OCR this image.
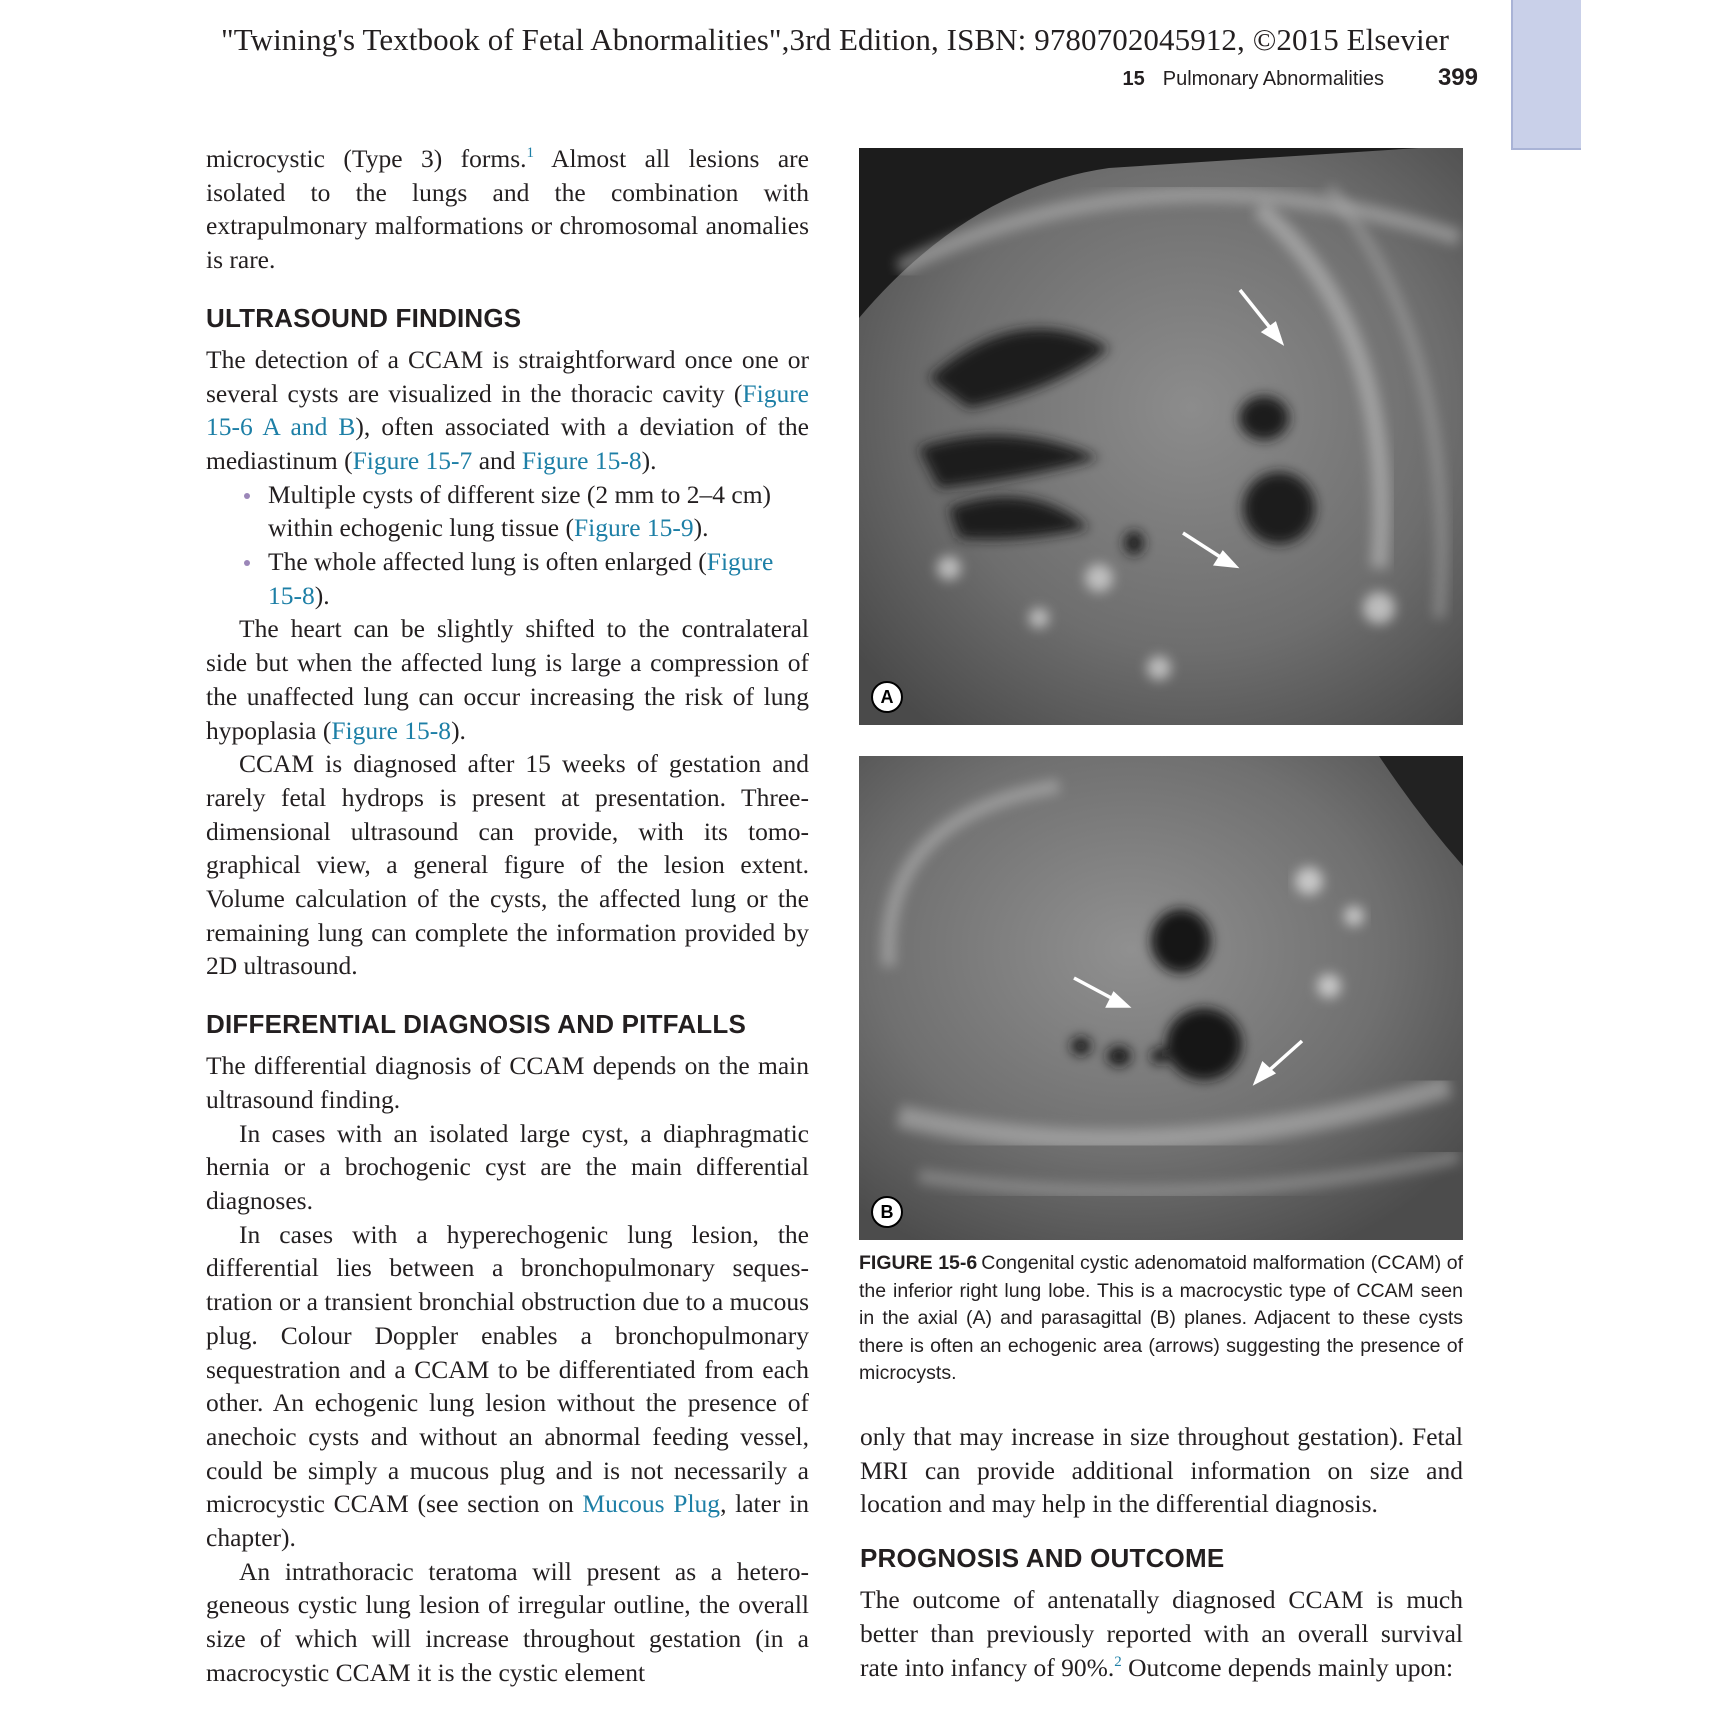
"Twining's Textbook of Fetal Abnormalities",3rd Edition, ISBN: 9780702045912, ©2015 Elsevier
15 Pulmonary Abnormalities 399

microcystic (Type 3) forms.$^1$ Almost all lesions are isolated to the lungs and the combination with extrapulmonary malformations or chromosomal anomalies is rare.

ULTRASOUND FINDINGS

The detection of a CCAM is straightforward once one or several cysts are visualized in the thoracic cavity (Figure 15-6 A and B), often associated with a deviation of the mediastinum (Figure 15-7 and Figure 15-8).

Multiple cysts of different size (2 mm to 2–4 cm) within echogenic lung tissue (Figure 15-9).
The whole affected lung is often enlarged (Figure 15-8).

The heart can be slightly shifted to the contralateral side but when the affected lung is large a compression of the unaffected lung can occur increasing the risk of lung hypoplasia (Figure 15-8).

CCAM is diagnosed after 15 weeks of gestation and rarely fetal hydrops is present at presentation. Three-dimensional ultrasound can provide, with its tomographical view, a general figure of the lesion extent. Volume calculation of the cysts, the affected lung or the remaining lung can complete the information provided by 2D ultrasound.

DIFFERENTIAL DIAGNOSIS AND PITFALLS

The differential diagnosis of CCAM depends on the main ultrasound finding.

In cases with an isolated large cyst, a diaphragmatic hernia or a brochogenic cyst are the main differential diagnoses.

In cases with a hyperechogenic lung lesion, the differential lies between a bronchopulmonary sequestration or a transient bronchial obstruction due to a mucous plug. Colour Doppler enables a bronchopulmonary sequestration and a CCAM to be differentiated from each other. An echogenic lung lesion without the presence of anechoic cysts and without an abnormal feeding vessel, could be simply a mucous plug and is not necessarily a microcystic CCAM (see section on Mucous Plug, later in chapter).

An intrathoracic teratoma will present as a heterogeneous cystic lung lesion of irregular outline, the overall size of which will increase throughout gestation (in a macrocystic CCAM it is the cystic element

A
B
FIGURE 15-6 Congenital cystic adenomatoid malformation (CCAM) of the inferior right lung lobe. This is a macrocystic type of CCAM seen in the axial (A) and parasagittal (B) planes. Adjacent to these cysts there is often an echogenic area (arrows) suggesting the presence of microcysts.

only that may increase in size throughout gestation). Fetal MRI can provide additional information on size and location and may help in the differential diagnosis.

PROGNOSIS AND OUTCOME

The outcome of antenatally diagnosed CCAM is much better than previously reported with an overall survival rate into infancy of 90%.$^2$ Outcome depends mainly upon:
